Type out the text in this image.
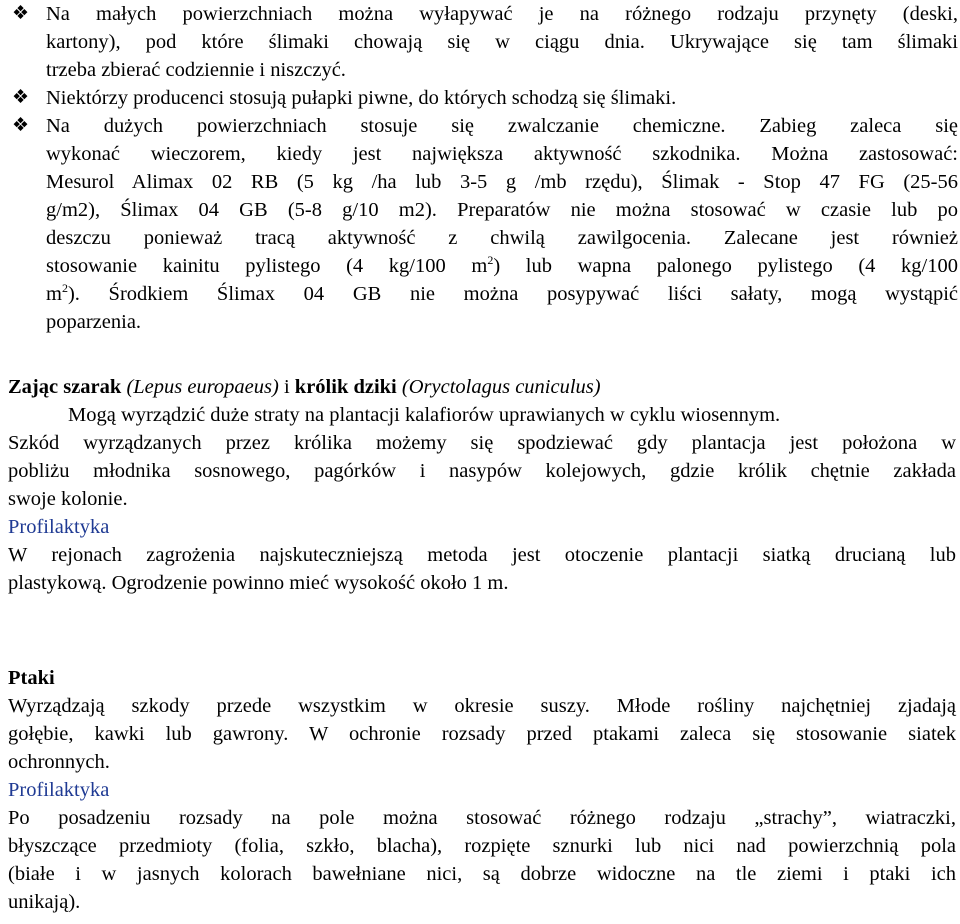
❖ Na małych powierzchniach można wyłapywać je na różnego rodzaju przynęty (deski,
kartony), pod które ślimaki chowają się w ciągu dnia. Ukrywające się tam ślimaki
trzeba zbierać codziennie i niszczyć.
❖ Niektórzy producenci stosują pułapki piwne, do których schodzą się ślimaki.
❖ Na dużych powierzchniach stosuje się zwalczanie chemiczne. Zabieg zaleca się
wykonać wieczorem, kiedy jest największa aktywność szkodnika. Można zastosować:
Mesurol Alimax 02 RB (5 kg /ha lub 3-5 g /mb rzędu), Ślimak - Stop 47 FG (25-56
g/m2), Ślimax 04 GB (5-8 g/10 m2). Preparatów nie można stosować w czasie lub po
deszczu ponieważ tracą aktywność z chwilą zawilgocenia. Zalecane jest również
stosowanie kainitu pylistego (4 kg/100 $m^2$) lub wapna palonego pylistego (4 kg/100
$m^2$). Środkiem Ślimax 04 GB nie można posypywać liści sałaty, mogą wystąpić
poparzenia.
Zając szarak (Lepus europaeus) i królik dziki (Oryctolagus cuniculus)
Mogą wyrządzić duże straty na plantacji kalafiorów uprawianych w cyklu wiosennym.
Szkód wyrządzanych przez królika możemy się spodziewać gdy plantacja jest położona w
pobliżu młodnika sosnowego, pagórków i nasypów kolejowych, gdzie królik chętnie zakłada
swoje kolonie.
Profilaktyka
W rejonach zagrożenia najskuteczniejszą metoda jest otoczenie plantacji siatką drucianą lub
plastykową. Ogrodzenie powinno mieć wysokość około 1 m.
Ptaki
Wyrządzają szkody przede wszystkim w okresie suszy. Młode rośliny najchętniej zjadają
gołębie, kawki lub gawrony. W ochronie rozsady przed ptakami zaleca się stosowanie siatek
ochronnych.
Profilaktyka
Po posadzeniu rozsady na pole można stosować różnego rodzaju „strachy”, wiatraczki,
błyszczące przedmioty (folia, szkło, blacha), rozpięte sznurki lub nici nad powierzchnią pola
(białe i w jasnych kolorach bawełniane nici, są dobrze widoczne na tle ziemi i ptaki ich
unikają).
